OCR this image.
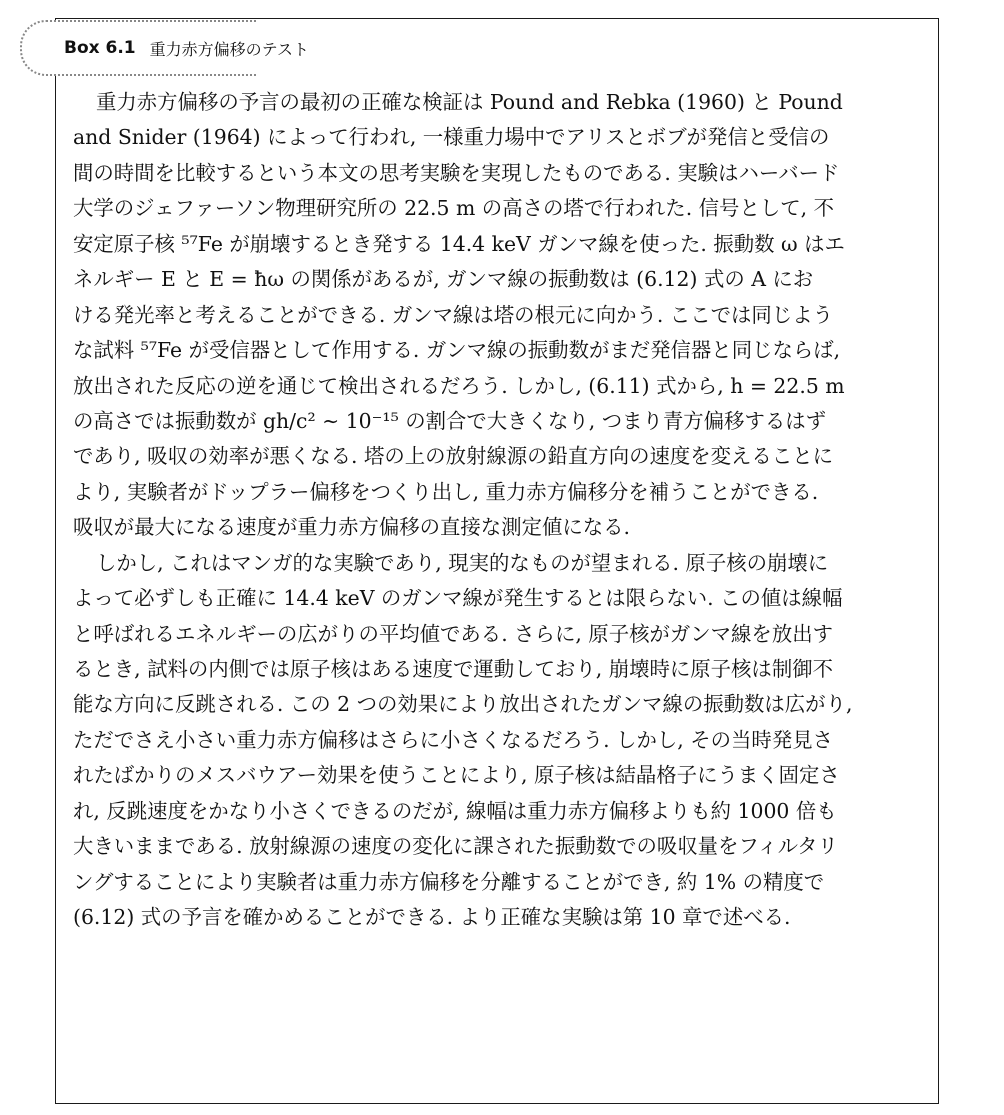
Box 6.1 重力赤方偏移のテスト
重力赤方偏移の予言の最初の正確な検証は Pound and Rebka (1960) と Pound
and Snider (1964) によって行われ, 一様重力場中でアリスとボブが発信と受信の
間の時間を比較するという本文の思考実験を実現したものである. 実験はハーバード
大学のジェファーソン物理研究所の 22.5 m の高さの塔で行われた. 信号として, 不
安定原子核 ⁵⁷Fe が崩壊するとき発する 14.4 keV ガンマ線を使った. 振動数 ω はエ
ネルギー E と E = ħω の関係があるが, ガンマ線の振動数は (6.12) 式の A にお
ける発光率と考えることができる. ガンマ線は塔の根元に向かう. ここでは同じよう
な試料 ⁵⁷Fe が受信器として作用する. ガンマ線の振動数がまだ発信器と同じならば,
放出された反応の逆を通じて検出されるだろう. しかし, (6.11) 式から, h = 22.5 m
の高さでは振動数が gh/c² ∼ 10⁻¹⁵ の割合で大きくなり, つまり青方偏移するはず
であり, 吸収の効率が悪くなる. 塔の上の放射線源の鉛直方向の速度を変えることに
より, 実験者がドップラー偏移をつくり出し, 重力赤方偏移分を補うことができる.
吸収が最大になる速度が重力赤方偏移の直接な測定値になる.
しかし, これはマンガ的な実験であり, 現実的なものが望まれる. 原子核の崩壊に
よって必ずしも正確に 14.4 keV のガンマ線が発生するとは限らない. この値は線幅
と呼ばれるエネルギーの広がりの平均値である. さらに, 原子核がガンマ線を放出す
るとき, 試料の内側では原子核はある速度で運動しており, 崩壊時に原子核は制御不
能な方向に反跳される. この 2 つの効果により放出されたガンマ線の振動数は広がり,
ただでさえ小さい重力赤方偏移はさらに小さくなるだろう. しかし, その当時発見さ
れたばかりのメスバウアー効果を使うことにより, 原子核は結晶格子にうまく固定さ
れ, 反跳速度をかなり小さくできるのだが, 線幅は重力赤方偏移よりも約 1000 倍も
大きいままである. 放射線源の速度の変化に課された振動数での吸収量をフィルタリ
ングすることにより実験者は重力赤方偏移を分離することができ, 約 1% の精度で
(6.12) 式の予言を確かめることができる. より正確な実験は第 10 章で述べる.
